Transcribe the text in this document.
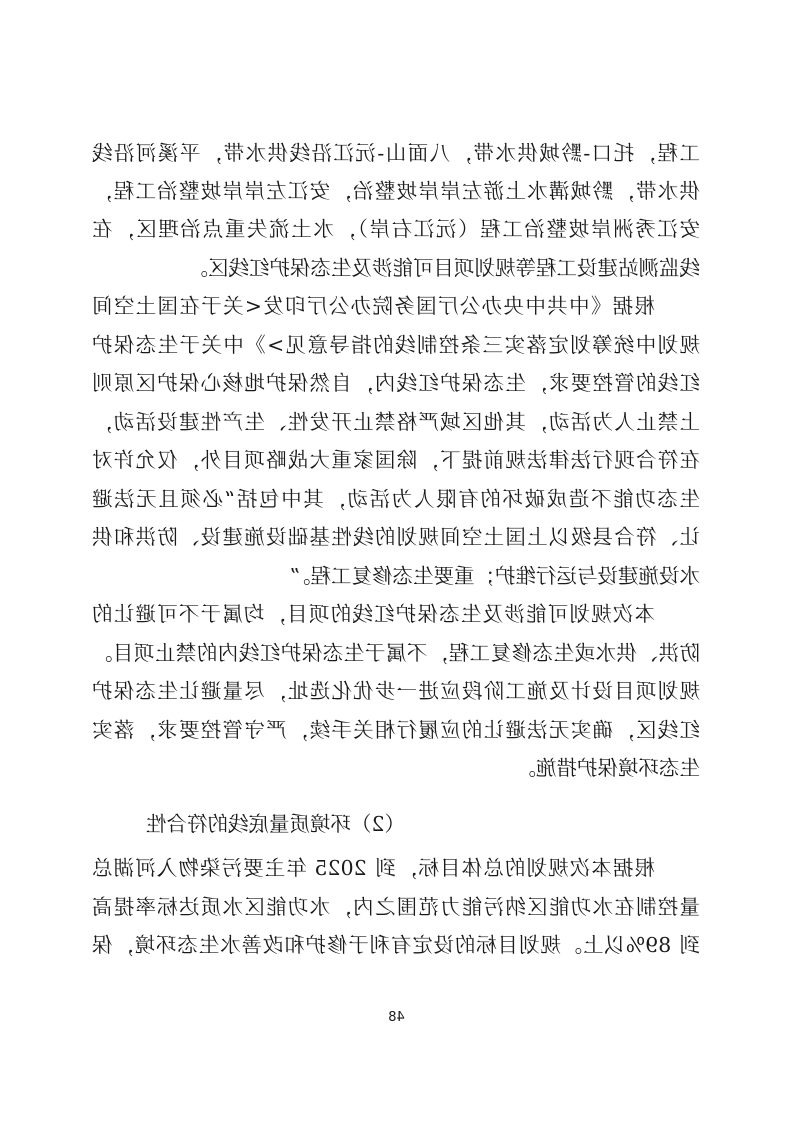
工程，托口-黔城供水带，八面山-沅江沿线供水带，平溪河沿线
供水带，黔城溝水上游左岸岸坡整治，安江左岸岸坡整治工程，
安江秀洲岸坡整治工程（沅江右岸），水土流失重点治理区，在
线监测站建设工程等规划项目可能涉及生态保护红线区。
根据《中共中央办公厅国务院办公厅印发<关于在国土空间
规划中统筹划定落实三条控制线的指导意见>》中关于生态保护
红线的管控要求，生态保护红线内，自然保护地核心保护区原则
上禁止人为活动，其他区域严格禁止开发性、生产性建设活动，
在符合现行法律法规前提下，除国家重大战略项目外，仅允许对
生态功能不造成破坏的有限人为活动，其中包括“必须且无法避
让、符合县级以上国土空间规划的线性基础设施建设、防洪和供
水设施建设与运行维护；重要生态修复工程。”
本次规划可能涉及生态保护红线的项目，均属于不可避让的
防洪、供水或生态修复工程，不属于生态保护红线内的禁止项目。
规划项目设计及施工阶段应进一步优化选址，尽量避让生态保护
红线区，确实无法避让的应履行相关手续，严守管控要求，落实
生态环境保护措施。
（2）环境质量底线的符合性
根据本次规划的总体目标，到 2025 年主要污染物入河湖总
量控制在水功能区纳污能力范围之内，水功能区水质达标率提高
到 89%以上。规划目标的设定有利于修护和改善水生态环境，保
48
